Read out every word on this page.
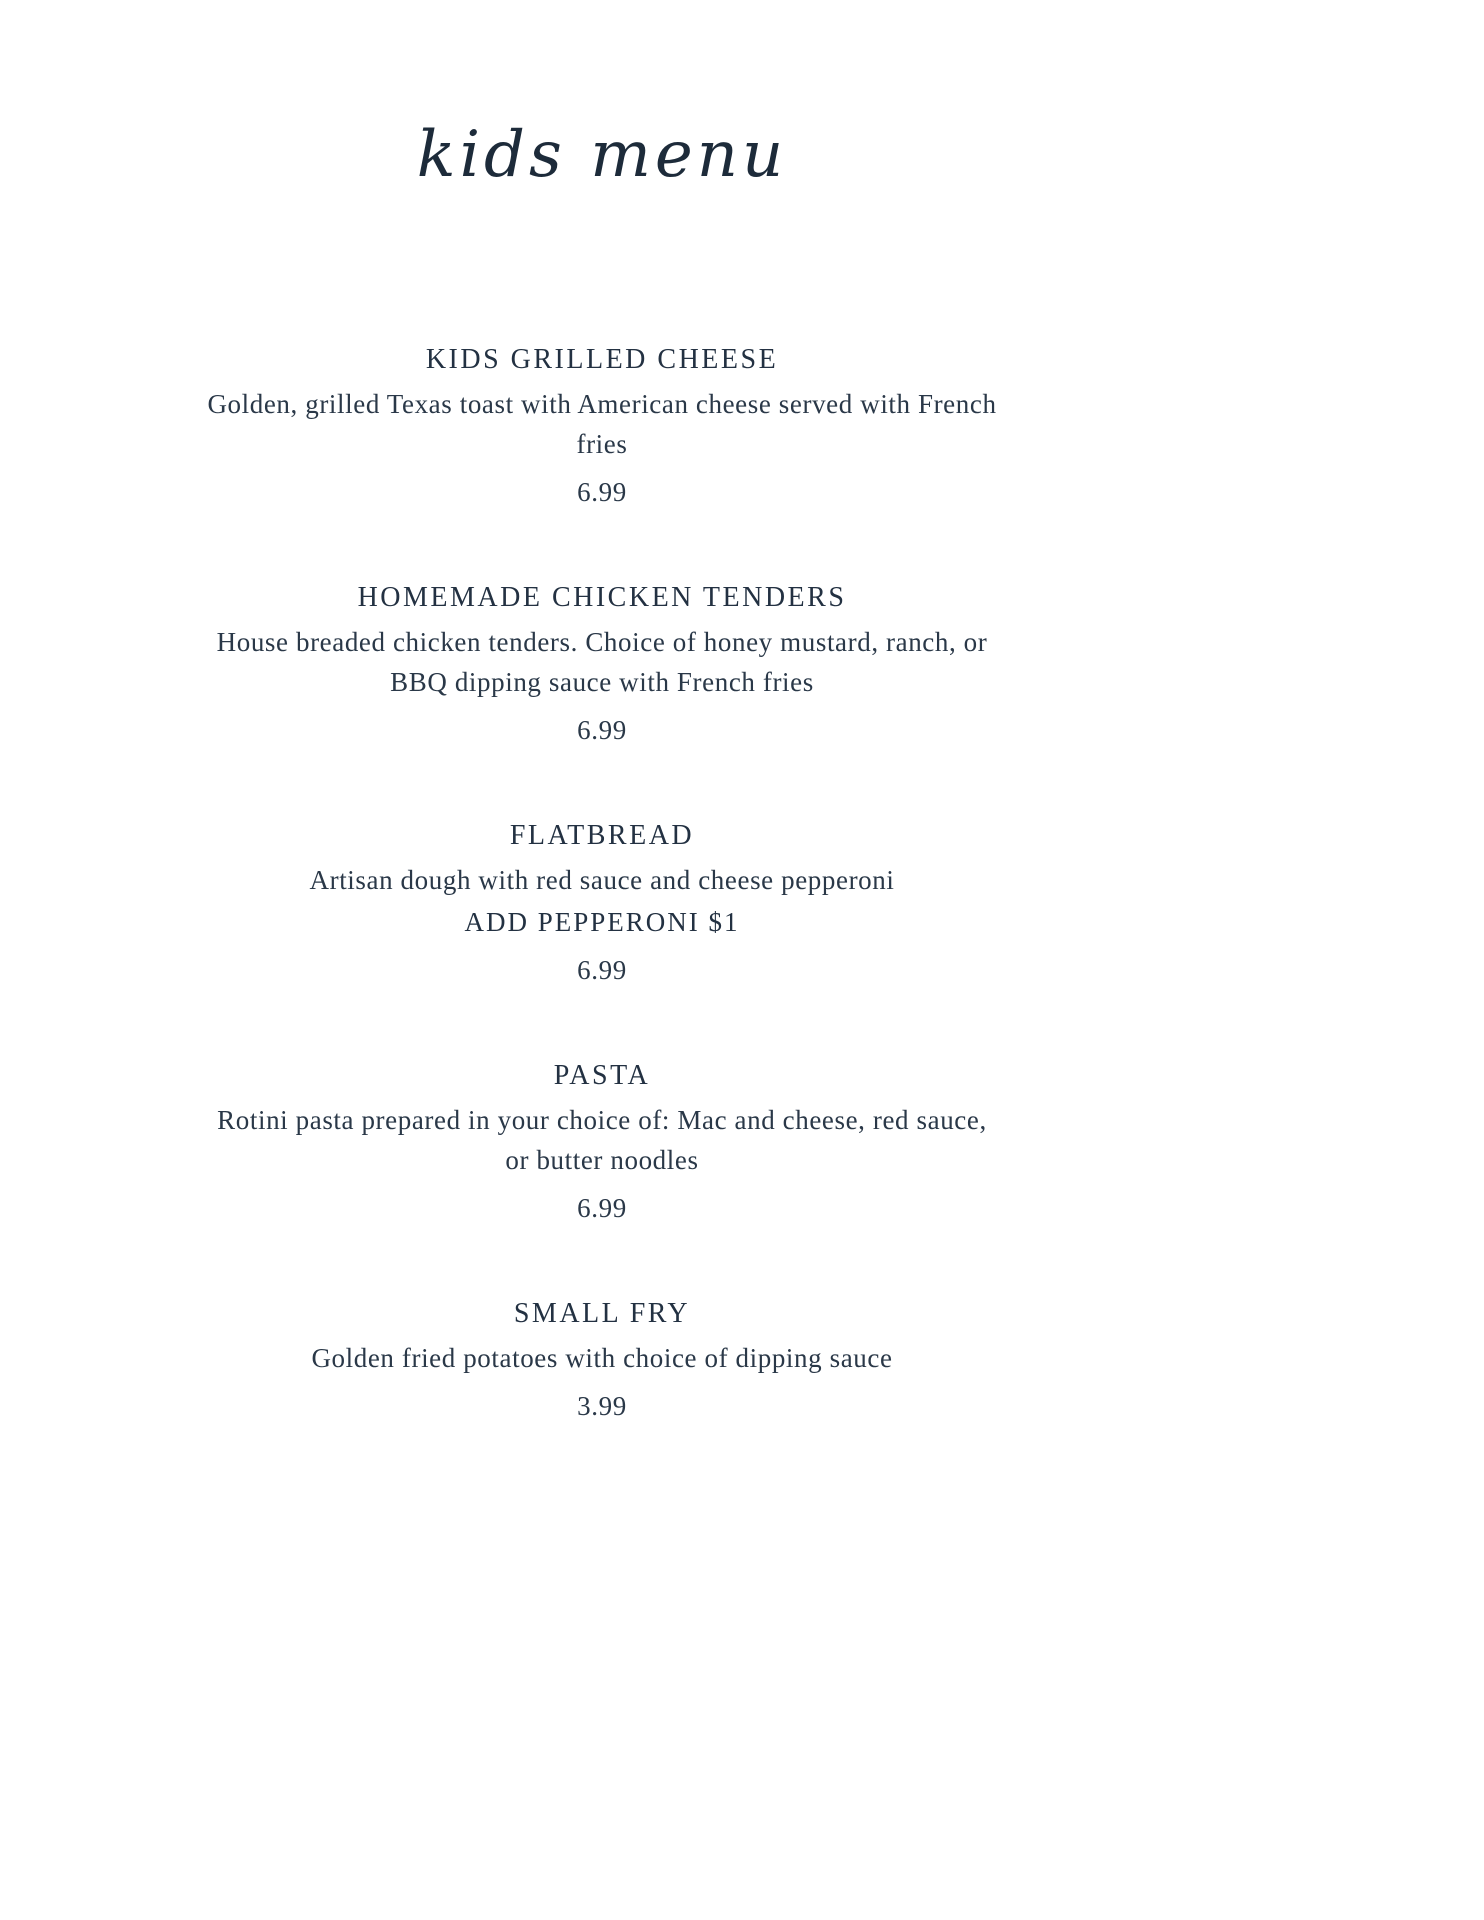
kids menu
KIDS GRILLED CHEESE
Golden, grilled Texas toast with American cheese served with French fries
6.99
HOMEMADE CHICKEN TENDERS
House breaded chicken tenders. Choice of honey mustard, ranch, or BBQ dipping sauce with French fries
6.99
FLATBREAD
Artisan dough with red sauce and cheese pepperoni
ADD PEPPERONI $1
6.99
PASTA
Rotini pasta prepared in your choice of: Mac and cheese, red sauce, or butter noodles
6.99
SMALL FRY
Golden fried potatoes with choice of dipping sauce
3.99
